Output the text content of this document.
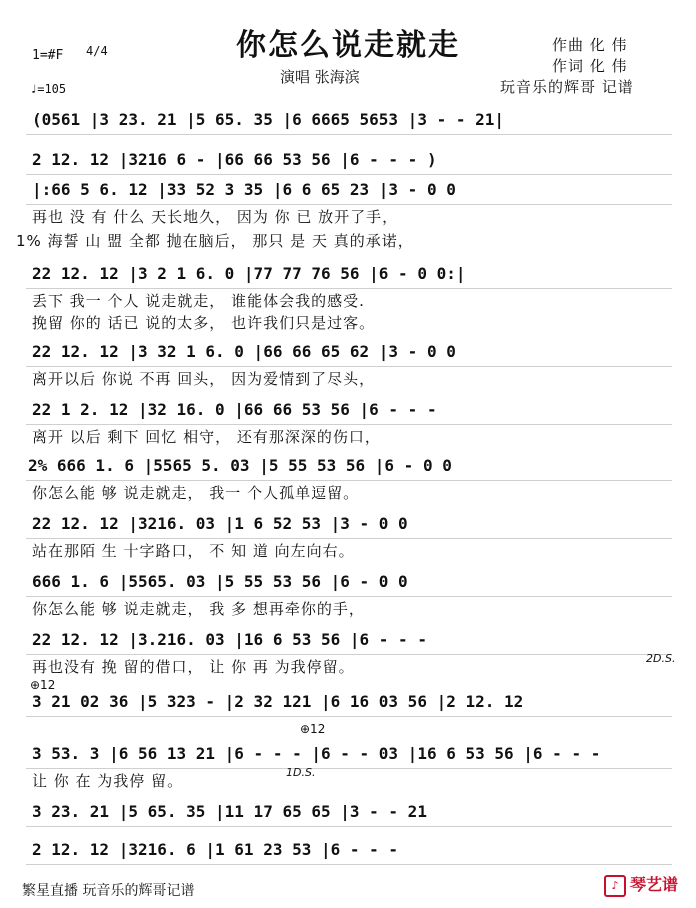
你怎么说走就走
演唱 张海滨
作曲 化 伟
作词 化 伟
玩音乐的辉哥 记谱
1=#F 4/4
♩=105
(0561 |3 23. 21 |5 65. 35 |6 6665 5653 |3 - - 21|
2 12. 12 |3216 6 - |66 66 53 56 |6 - - - )
|:66 5 6. 12 |33 52 3 35 |6 6 65 23 |3 - 0 0
再也 没 有 什么 天长地久， 因为 你 已 放开了手，
1% 海誓 山 盟 全都 抛在脑后， 那只 是 天 真的承诺，
22 12. 12 |3 2 1 6. 0 |77 77 76 56 |6 - 0 0:|
丢下 我一 个人 说走就走， 谁能体会我的感受.
挽留 你的 话已 说的太多， 也许我们只是过客。
22 12. 12 |3 32 1 6. 0 |66 66 65 62 |3 - 0 0
离开以后 你说 不再 回头， 因为爱情到了尽头，
22 1 2. 12 |32 16. 0 |66 66 53 56 |6 - - -
离开 以后 剩下 回忆 相守， 还有那深深的伤口，
2% 666 1. 6 |5565 5. 03 |5 55 53 56 |6 - 0 0
你怎么能 够 说走就走， 我一 个人孤单逗留。
22 12. 12 |3216. 03 |1 6 52 53 |3 - 0 0
站在那陌 生 十字路口， 不 知 道 向左向右。
666 1. 6 |5565. 03 |5 55 53 56 |6 - 0 0
你怎么能 够 说走就走， 我 多 想再牵你的手，
22 12. 12 |3.216. 03 |16 6 53 56 |6 - - -
再也没有 挽 留的借口， 让 你 再 为我停留。	2D.S.
⊕12
3 21 02 36 |5 323 - |2 32 121 |6 16 03 56 |2 12. 12
⊕12
3 53. 3 |6 56 13 21 |6 - - - |6 - - 03 |16 6 53 56 |6 - - -
让 你 在 为我停 留。	1D.S.
3 23. 21 |5 65. 35 |11 17 65 65 |3 - - 21
2 12. 12 |3216. 6 |1 61 23 53 |6 - - -
繁星直播 玩音乐的辉哥记谱	♪ 琴艺谱
